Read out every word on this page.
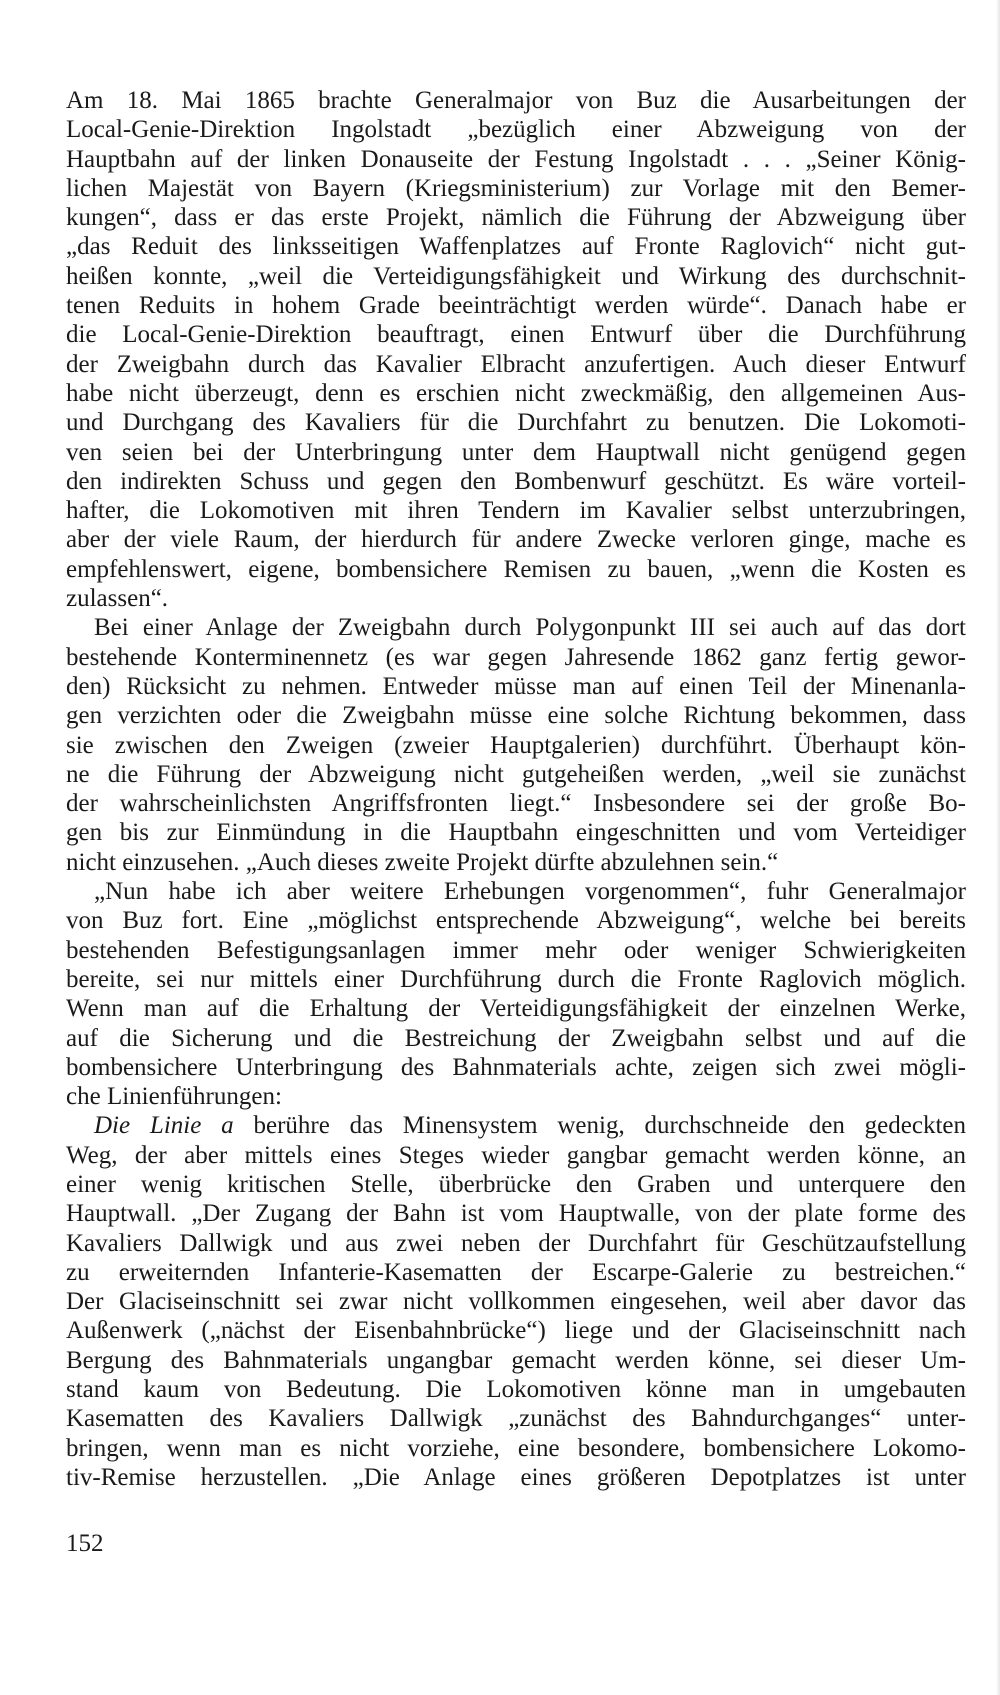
Am 18. Mai 1865 brachte Generalmajor von Buz die Ausarbeitungen der
Local-Genie-Direktion Ingolstadt „bezüglich einer Abzweigung von der
Hauptbahn auf der linken Donauseite der Festung Ingolstadt . . . „Seiner König-
lichen Majestät von Bayern (Kriegsministerium) zur Vorlage mit den Bemer-
kungen“, dass er das erste Projekt, nämlich die Führung der Abzweigung über
„das Reduit des linksseitigen Waffenplatzes auf Fronte Raglovich“ nicht gut-
heißen konnte, „weil die Verteidigungsfähigkeit und Wirkung des durchschnit-
tenen Reduits in hohem Grade beeinträchtigt werden würde“. Danach habe er
die Local-Genie-Direktion beauftragt, einen Entwurf über die Durchführung
der Zweigbahn durch das Kavalier Elbracht anzufertigen. Auch dieser Entwurf
habe nicht überzeugt, denn es erschien nicht zweckmäßig, den allgemeinen Aus-
und Durchgang des Kavaliers für die Durchfahrt zu benutzen. Die Lokomoti-
ven seien bei der Unterbringung unter dem Hauptwall nicht genügend gegen
den indirekten Schuss und gegen den Bombenwurf geschützt. Es wäre vorteil-
hafter, die Lokomotiven mit ihren Tendern im Kavalier selbst unterzubringen,
aber der viele Raum, der hierdurch für andere Zwecke verloren ginge, mache es
empfehlenswert, eigene, bombensichere Remisen zu bauen, „wenn die Kosten es
zulassen“.
Bei einer Anlage der Zweigbahn durch Polygonpunkt III sei auch auf das dort
bestehende Konterminennetz (es war gegen Jahresende 1862 ganz fertig gewor-
den) Rücksicht zu nehmen. Entweder müsse man auf einen Teil der Minenanla-
gen verzichten oder die Zweigbahn müsse eine solche Richtung bekommen, dass
sie zwischen den Zweigen (zweier Hauptgalerien) durchführt. Überhaupt kön-
ne die Führung der Abzweigung nicht gutgeheißen werden, „weil sie zunächst
der wahrscheinlichsten Angriffsfronten liegt.“ Insbesondere sei der große Bo-
gen bis zur Einmündung in die Hauptbahn eingeschnitten und vom Verteidiger
nicht einzusehen. „Auch dieses zweite Projekt dürfte abzulehnen sein.“
„Nun habe ich aber weitere Erhebungen vorgenommen“, fuhr Generalmajor
von Buz fort. Eine „möglichst entsprechende Abzweigung“, welche bei bereits
bestehenden Befestigungsanlagen immer mehr oder weniger Schwierigkeiten
bereite, sei nur mittels einer Durchführung durch die Fronte Raglovich möglich.
Wenn man auf die Erhaltung der Verteidigungsfähigkeit der einzelnen Werke,
auf die Sicherung und die Bestreichung der Zweigbahn selbst und auf die
bombensichere Unterbringung des Bahnmaterials achte, zeigen sich zwei mögli-
che Linienführungen:
Die Linie a berühre das Minensystem wenig, durchschneide den gedeckten
Weg, der aber mittels eines Steges wieder gangbar gemacht werden könne, an
einer wenig kritischen Stelle, überbrücke den Graben und unterquere den
Hauptwall. „Der Zugang der Bahn ist vom Hauptwalle, von der plate forme des
Kavaliers Dallwigk und aus zwei neben der Durchfahrt für Geschützaufstellung
zu erweiternden Infanterie-Kasematten der Escarpe-Galerie zu bestreichen.“
Der Glaciseinschnitt sei zwar nicht vollkommen eingesehen, weil aber davor das
Außenwerk („nächst der Eisenbahnbrücke“) liege und der Glaciseinschnitt nach
Bergung des Bahnmaterials ungangbar gemacht werden könne, sei dieser Um-
stand kaum von Bedeutung. Die Lokomotiven könne man in umgebauten
Kasematten des Kavaliers Dallwigk „zunächst des Bahndurchganges“ unter-
bringen, wenn man es nicht vorziehe, eine besondere, bombensichere Lokomo-
tiv-Remise herzustellen. „Die Anlage eines größeren Depotplatzes ist unter
152
